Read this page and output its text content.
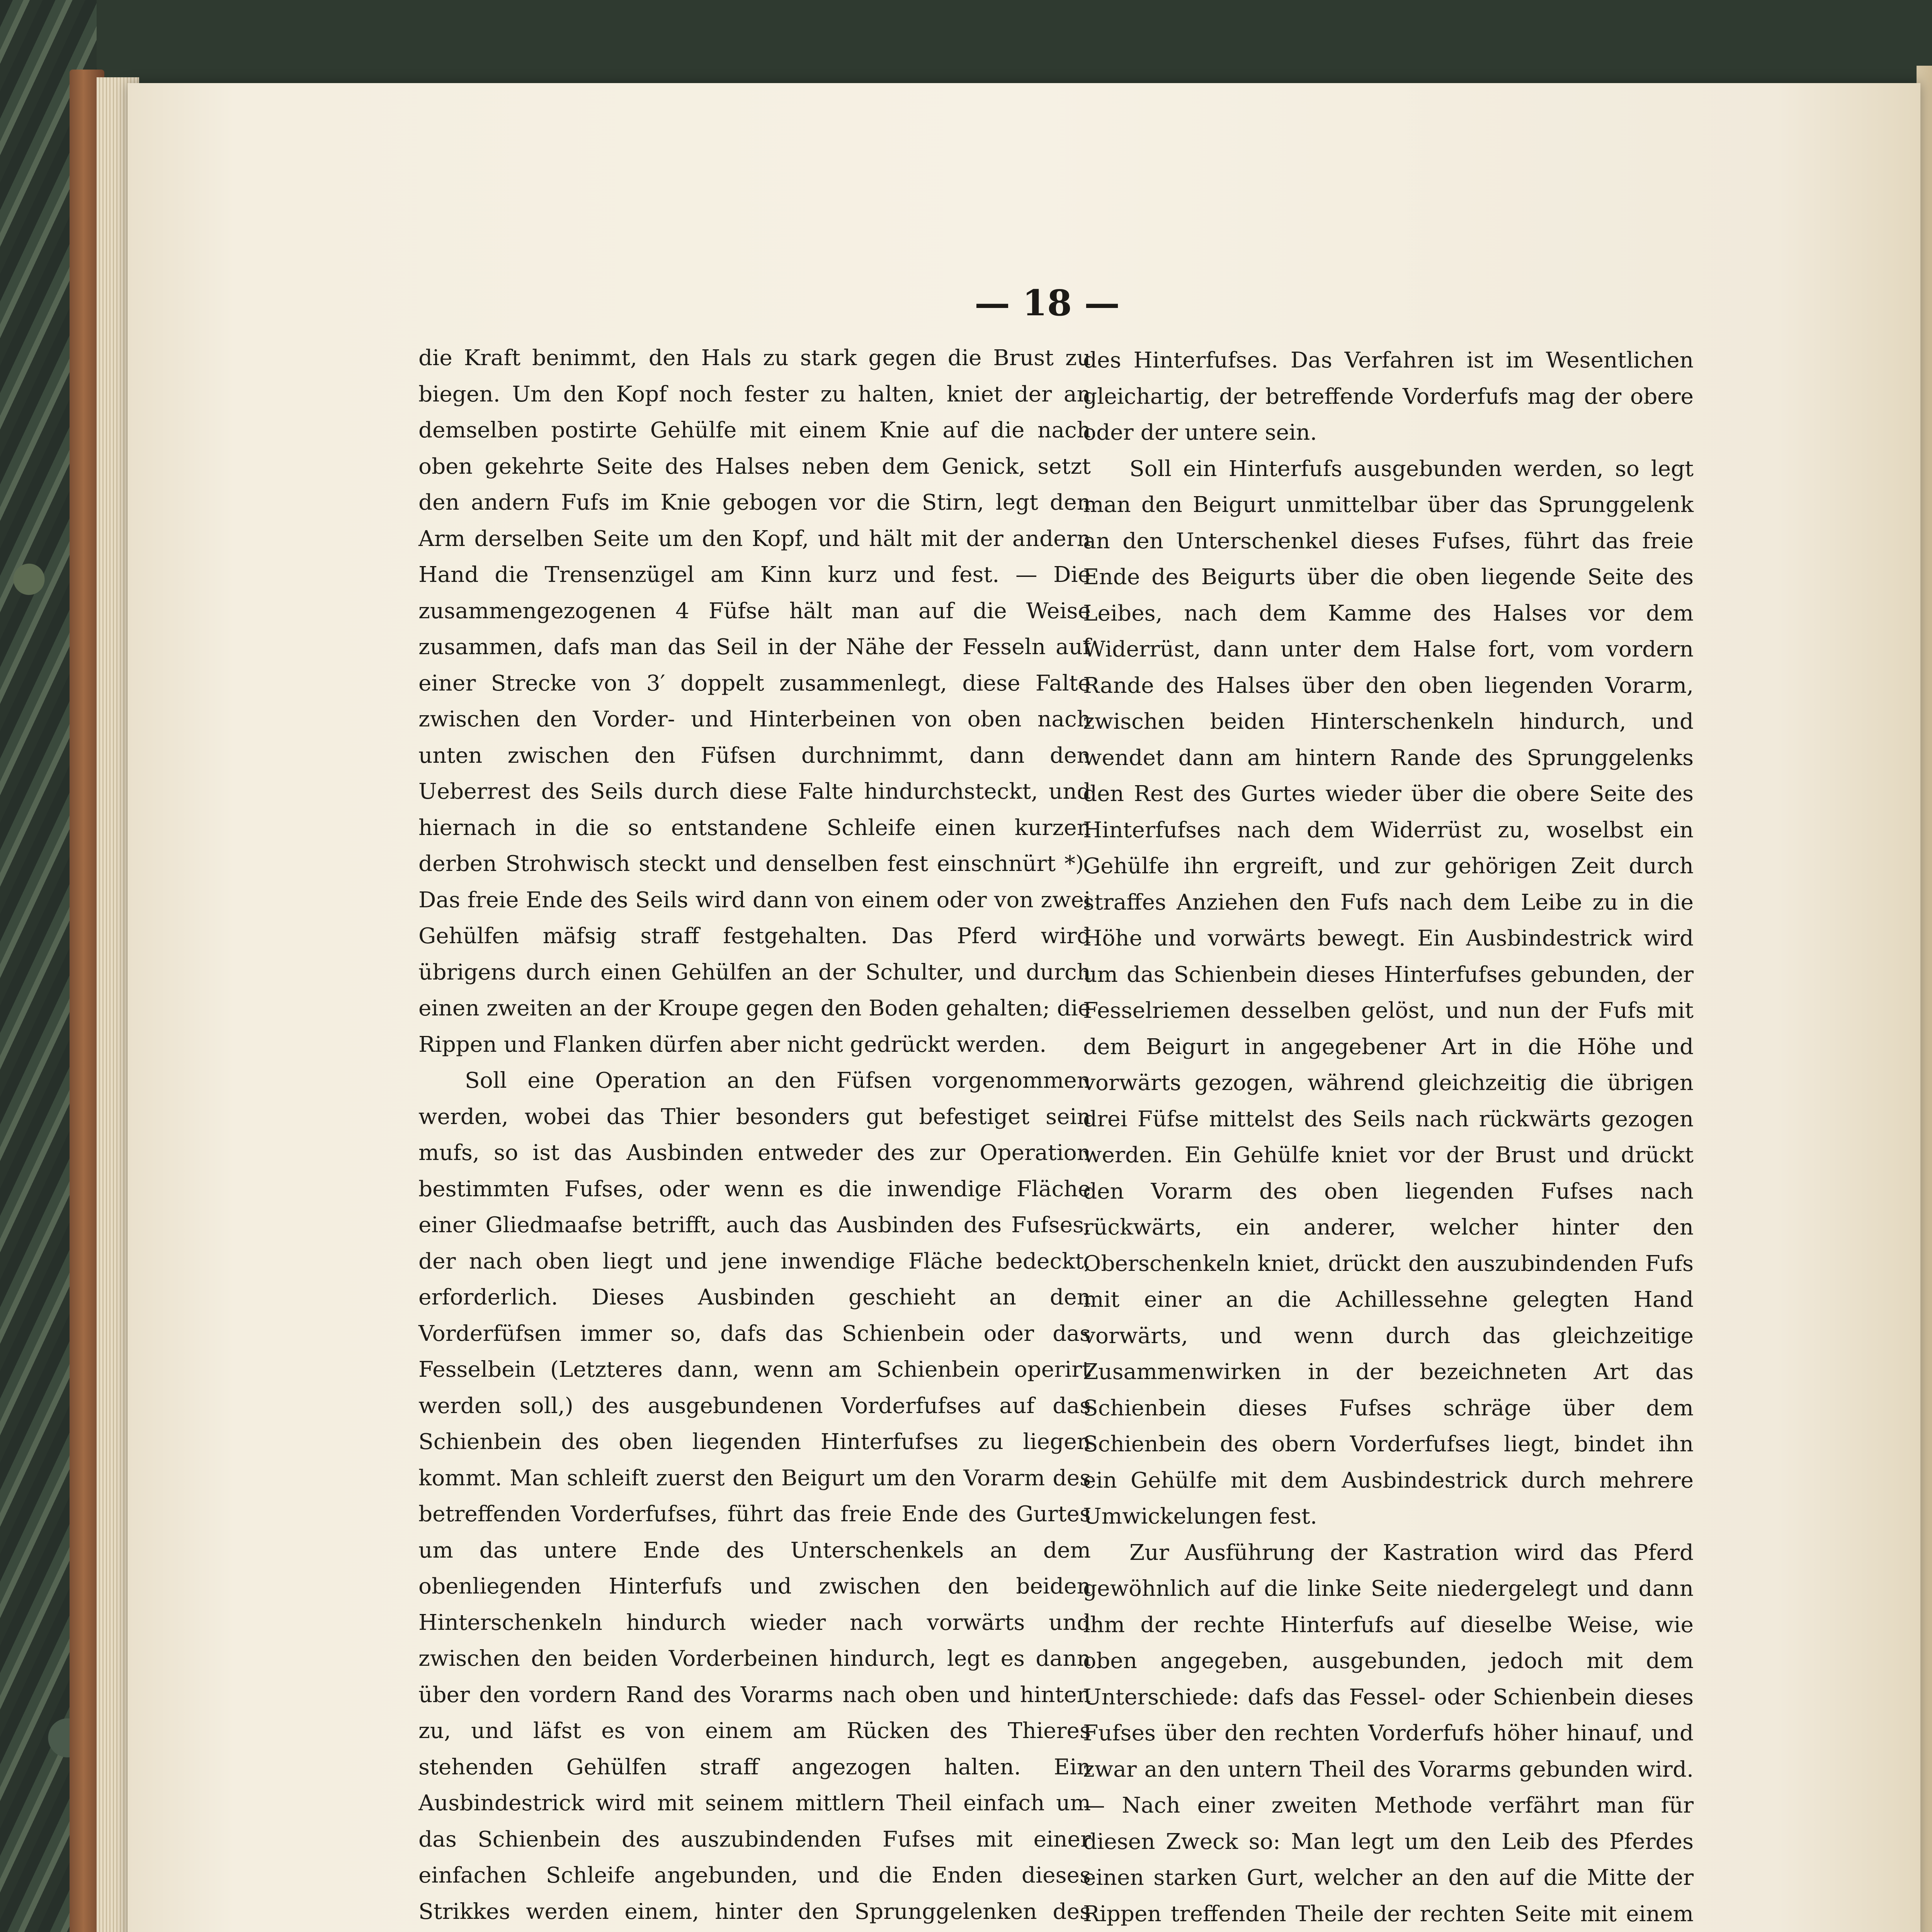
— 18 —

die Kraft benimmt, den Hals zu stark gegen die Brust zu biegen. Um den Kopf noch fester zu halten, kniet der an demselben postirte Gehülfe mit einem Knie auf die nach oben gekehrte Seite des Halses neben dem Genick, setzt den andern Fufs im Knie gebogen vor die Stirn, legt den Arm derselben Seite um den Kopf, und hält mit der andern Hand die Trensenzügel am Kinn kurz und fest. — Die zusammengezogenen 4 Füfse hält man auf die Weise zusammen, dafs man das Seil in der Nähe der Fesseln auf einer Strecke von 3′ doppelt zusammenlegt, diese Falte zwischen den Vorder- und Hinterbeinen von oben nach unten zwischen den Füfsen durchnimmt, dann den Ueberrest des Seils durch diese Falte hindurchsteckt, und hiernach in die so entstandene Schleife einen kurzen derben Strohwisch steckt und denselben fest einschnürt *). Das freie Ende des Seils wird dann von einem oder von zwei Gehülfen mäfsig straff festgehalten. Das Pferd wird übrigens durch einen Gehülfen an der Schulter, und durch einen zweiten an der Kroupe gegen den Boden gehalten; die Rippen und Flanken dürfen aber nicht gedrückt werden.

Soll eine Operation an den Füfsen vorgenommen werden, wobei das Thier besonders gut befestiget sein mufs, so ist das Ausbinden entweder des zur Operation bestimmten Fufses, oder wenn es die inwendige Fläche einer Gliedmaafse betrifft, auch das Ausbinden des Fufses, der nach oben liegt und jene inwendige Fläche bedeckt, erforderlich. Dieses Ausbinden geschieht an den Vorderfüfsen immer so, dafs das Schienbein oder das Fesselbein (Letzteres dann, wenn am Schienbein operirt werden soll,) des ausgebundenen Vorderfufses auf das Schienbein des oben liegenden Hinterfufses zu liegen kommt. Man schleift zuerst den Beigurt um den Vorarm des betreffenden Vorderfufses, führt das freie Ende des Gurtes um das untere Ende des Unterschenkels an dem obenliegenden Hinterfufs und zwischen den beiden Hinterschenkeln hindurch wieder nach vorwärts und zwischen den beiden Vorderbeinen hindurch, legt es dann über den vordern Rand des Vorarms nach oben und hinten zu, und läfst es von einem am Rücken des Thieres stehenden Gehülfen straff angezogen halten. Ein Ausbindestrick wird mit seinem mittlern Theil einfach um das Schienbein des auszubindenden Fufses mit einer einfachen Schleife angebunden, und die Enden dieses Strikkes werden einem, hinter den Sprunggelenken des

des Hinterfufses. Das Verfahren ist im Wesentlichen gleichartig, der betreffende Vorderfufs mag der obere oder der untere sein.

Soll ein Hinterfufs ausgebunden werden, so legt man den Beigurt unmittelbar über das Sprunggelenk an den Unterschenkel dieses Fufses, führt das freie Ende des Beigurts über die oben liegende Seite des Leibes, nach dem Kamme des Halses vor dem Widerrüst, dann unter dem Halse fort, vom vordern Rande des Halses über den oben liegenden Vorarm, zwischen beiden Hinterschenkeln hindurch, und wendet dann am hintern Rande des Sprunggelenks den Rest des Gurtes wieder über die obere Seite des Hinterfufses nach dem Widerrüst zu, woselbst ein Gehülfe ihn ergreift, und zur gehörigen Zeit durch straffes Anziehen den Fufs nach dem Leibe zu in die Höhe und vorwärts bewegt. Ein Ausbindestrick wird um das Schienbein dieses Hinterfufses gebunden, der Fesselriemen desselben gelöst, und nun der Fufs mit dem Beigurt in angegebener Art in die Höhe und vorwärts gezogen, während gleichzeitig die übrigen drei Füfse mittelst des Seils nach rückwärts gezogen werden. Ein Gehülfe kniet vor der Brust und drückt den Vorarm des oben liegenden Fufses nach rückwärts, ein anderer, welcher hinter den Oberschenkeln kniet, drückt den auszubindenden Fufs mit einer an die Achillessehne gelegten Hand vorwärts, und wenn durch das gleichzeitige Zusammenwirken in der bezeichneten Art das Schienbein dieses Fufses schräge über dem Schienbein des obern Vorderfufses liegt, bindet ihn ein Gehülfe mit dem Ausbindestrick durch mehrere Umwickelungen fest.

Zur Ausführung der Kastration wird das Pferd gewöhnlich auf die linke Seite niedergelegt und dann ihm der rechte Hinterfufs auf dieselbe Weise, wie oben angegeben, ausgebunden, jedoch mit dem Unterschiede: dafs das Fessel- oder Schienbein dieses Fufses über den rechten Vorderfufs höher hinauf, und zwar an den untern Theil des Vorarms gebunden wird. — Nach einer zweiten Methode verfährt man für diesen Zweck so: Man legt um den Leib des Pferdes einen starken Gurt, welcher an den auf die Mitte der Rippen treffenden Theile der rechten Seite mit einem
